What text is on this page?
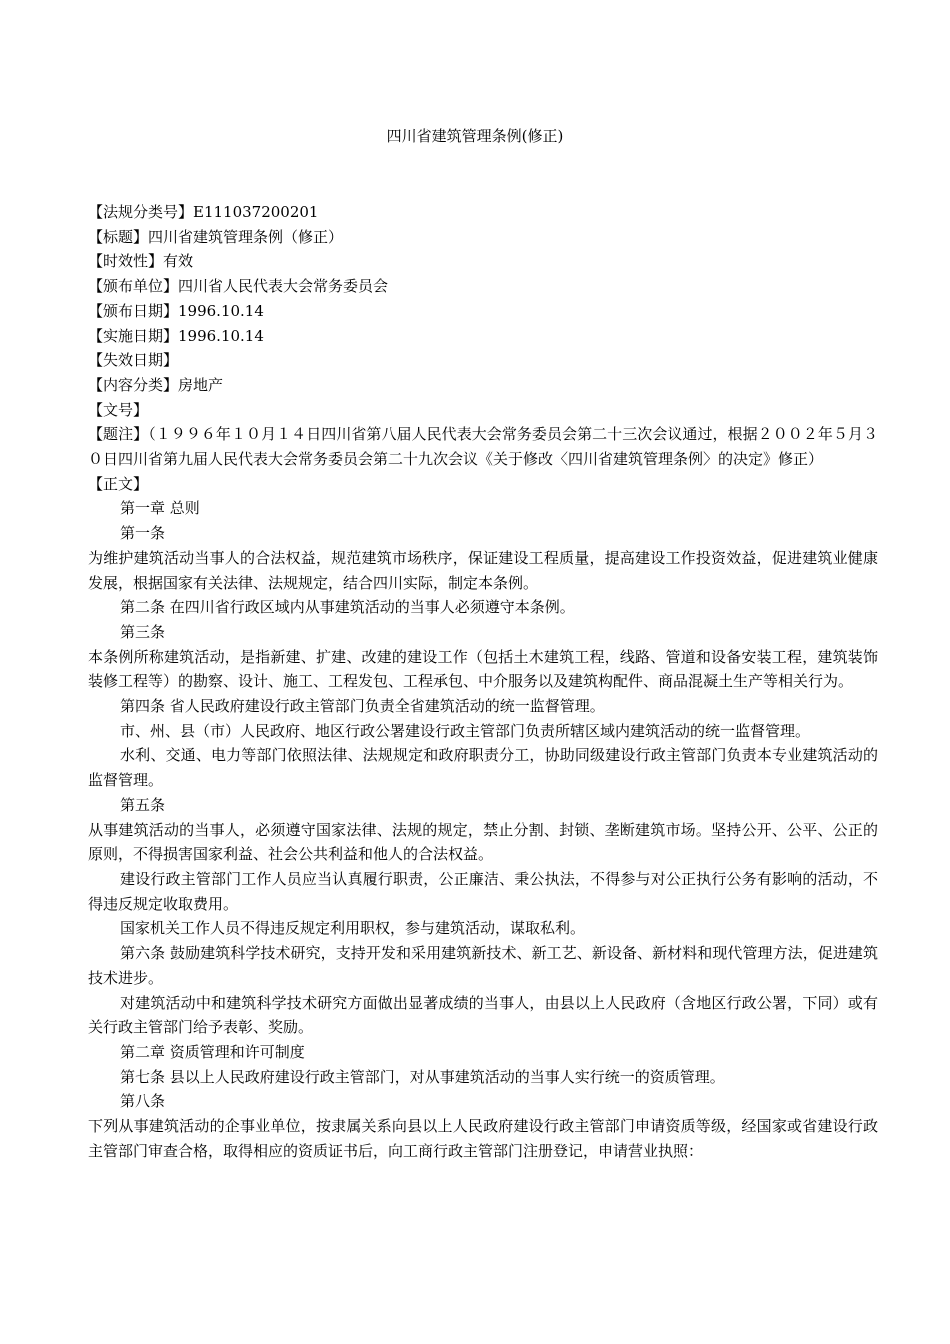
四川省建筑管理条例(修正)

【法规分类号】E111037200201

【标题】四川省建筑管理条例（修正）

【时效性】有效

【颁布单位】四川省人民代表大会常务委员会

【颁布日期】1996.10.14

【实施日期】1996.10.14

【失效日期】

【内容分类】房地产

【文号】

【题注】（１９９６年１０月１４日四川省第八届人民代表大会常务委员会第二十三次会议通过，根据２００２年５月３０日四川省第九届人民代表大会常务委员会第二十九次会议《关于修改〈四川省建筑管理条例〉的决定》修正）

【正文】

第一章 总则

第一条

为维护建筑活动当事人的合法权益，规范建筑市场秩序，保证建设工程质量，提高建设工作投资效益，促进建筑业健康发展，根据国家有关法律、法规规定，结合四川实际，制定本条例。

第二条 在四川省行政区域内从事建筑活动的当事人必须遵守本条例。

第三条

本条例所称建筑活动，是指新建、扩建、改建的建设工作（包括土木建筑工程，线路、管道和设备安装工程，建筑装饰装修工程等）的勘察、设计、施工、工程发包、工程承包、中介服务以及建筑构配件、商品混凝土生产等相关行为。

第四条 省人民政府建设行政主管部门负责全省建筑活动的统一监督管理。

市、州、县（市）人民政府、地区行政公署建设行政主管部门负责所辖区域内建筑活动的统一监督管理。

水利、交通、电力等部门依照法律、法规规定和政府职责分工，协助同级建设行政主管部门负责本专业建筑活动的监督管理。

第五条

从事建筑活动的当事人，必须遵守国家法律、法规的规定，禁止分割、封锁、垄断建筑市场。坚持公开、公平、公正的原则，不得损害国家利益、社会公共利益和他人的合法权益。

建设行政主管部门工作人员应当认真履行职责，公正廉洁、秉公执法，不得参与对公正执行公务有影响的活动，不得违反规定收取费用。

国家机关工作人员不得违反规定利用职权，参与建筑活动，谋取私利。

第六条 鼓励建筑科学技术研究，支持开发和采用建筑新技术、新工艺、新设备、新材料和现代管理方法，促进建筑技术进步。

对建筑活动中和建筑科学技术研究方面做出显著成绩的当事人，由县以上人民政府（含地区行政公署，下同）或有关行政主管部门给予表彰、奖励。

第二章 资质管理和许可制度

第七条 县以上人民政府建设行政主管部门，对从事建筑活动的当事人实行统一的资质管理。

第八条

下列从事建筑活动的企事业单位，按隶属关系向县以上人民政府建设行政主管部门申请资质等级，经国家或省建设行政主管部门审查合格，取得相应的资质证书后，向工商行政主管部门注册登记，申请营业执照：
